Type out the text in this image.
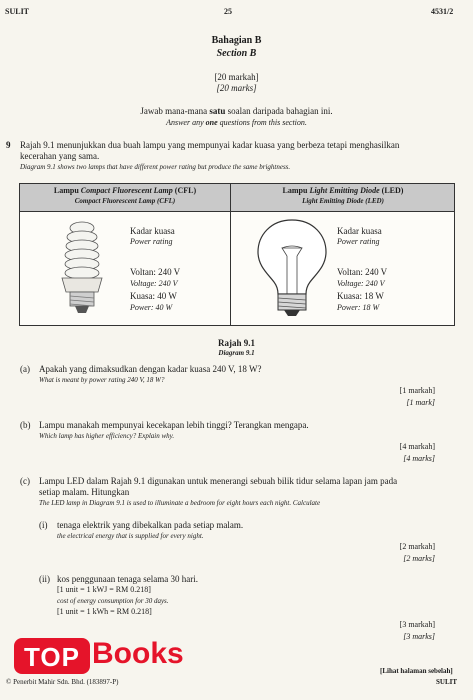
SULIT	25	4531/2
Bahagian B
Section B
[20 markah]
[20 marks]
Jawab mana-mana satu soalan daripada bahagian ini.
Answer any one questions from this section.
9 Rajah 9.1 menunjukkan dua buah lampu yang mempunyai kadar kuasa yang berbeza tetapi menghasilkan
kecerahan yang sama.
Diagram 9.1 shows two lamps that have different power rating but produce the same brightness.
Lampu Compact Fluorescent Lamp (CFL)
Compact Fluorescent Lamp (CFL)
Lampu Light Emitting Diode (LED)
Light Emitting Diode (LED)
Kadar kuasa
Power rating
Voltan: 240 V
Voltage: 240 V
Kuasa: 40 W
Power: 40 W
Kadar kuasa
Power rating
Voltan: 240 V
Voltage: 240 V
Kuasa: 18 W
Power: 18 W
Rajah 9.1
Diagram 9.1
(a) Apakah yang dimaksudkan dengan kadar kuasa 240 V, 18 W?
What is meant by power rating 240 V, 18 W?
[1 markah]
[1 mark]
(b) Lampu manakah mempunyai kecekapan lebih tinggi? Terangkan mengapa.
Which lamp has higher efficiency? Explain why.
[4 markah]
[4 marks]
(c) Lampu LED dalam Rajah 9.1 digunakan untuk menerangi sebuah bilik tidur selama lapan jam pada
setiap malam. Hitungkan
The LED lamp in Diagram 9.1 is used to illuminate a bedroom for eight hours each night. Calculate
(i) tenaga elektrik yang dibekalkan pada setiap malam.
the electrical energy that is supplied for every night.
[2 markah]
[2 marks]
(ii) kos penggunaan tenaga selama 30 hari.
[1 unit = 1 kWJ = RM 0.218]
cost of energy consumption for 30 days.
[1 unit = 1 kWh = RM 0.218]
[3 markah]
[3 marks]
TOP Books
© Penerbit Mahir Sdn. Bhd. (183897-P)
[Lihat halaman sebelah]
SULIT
